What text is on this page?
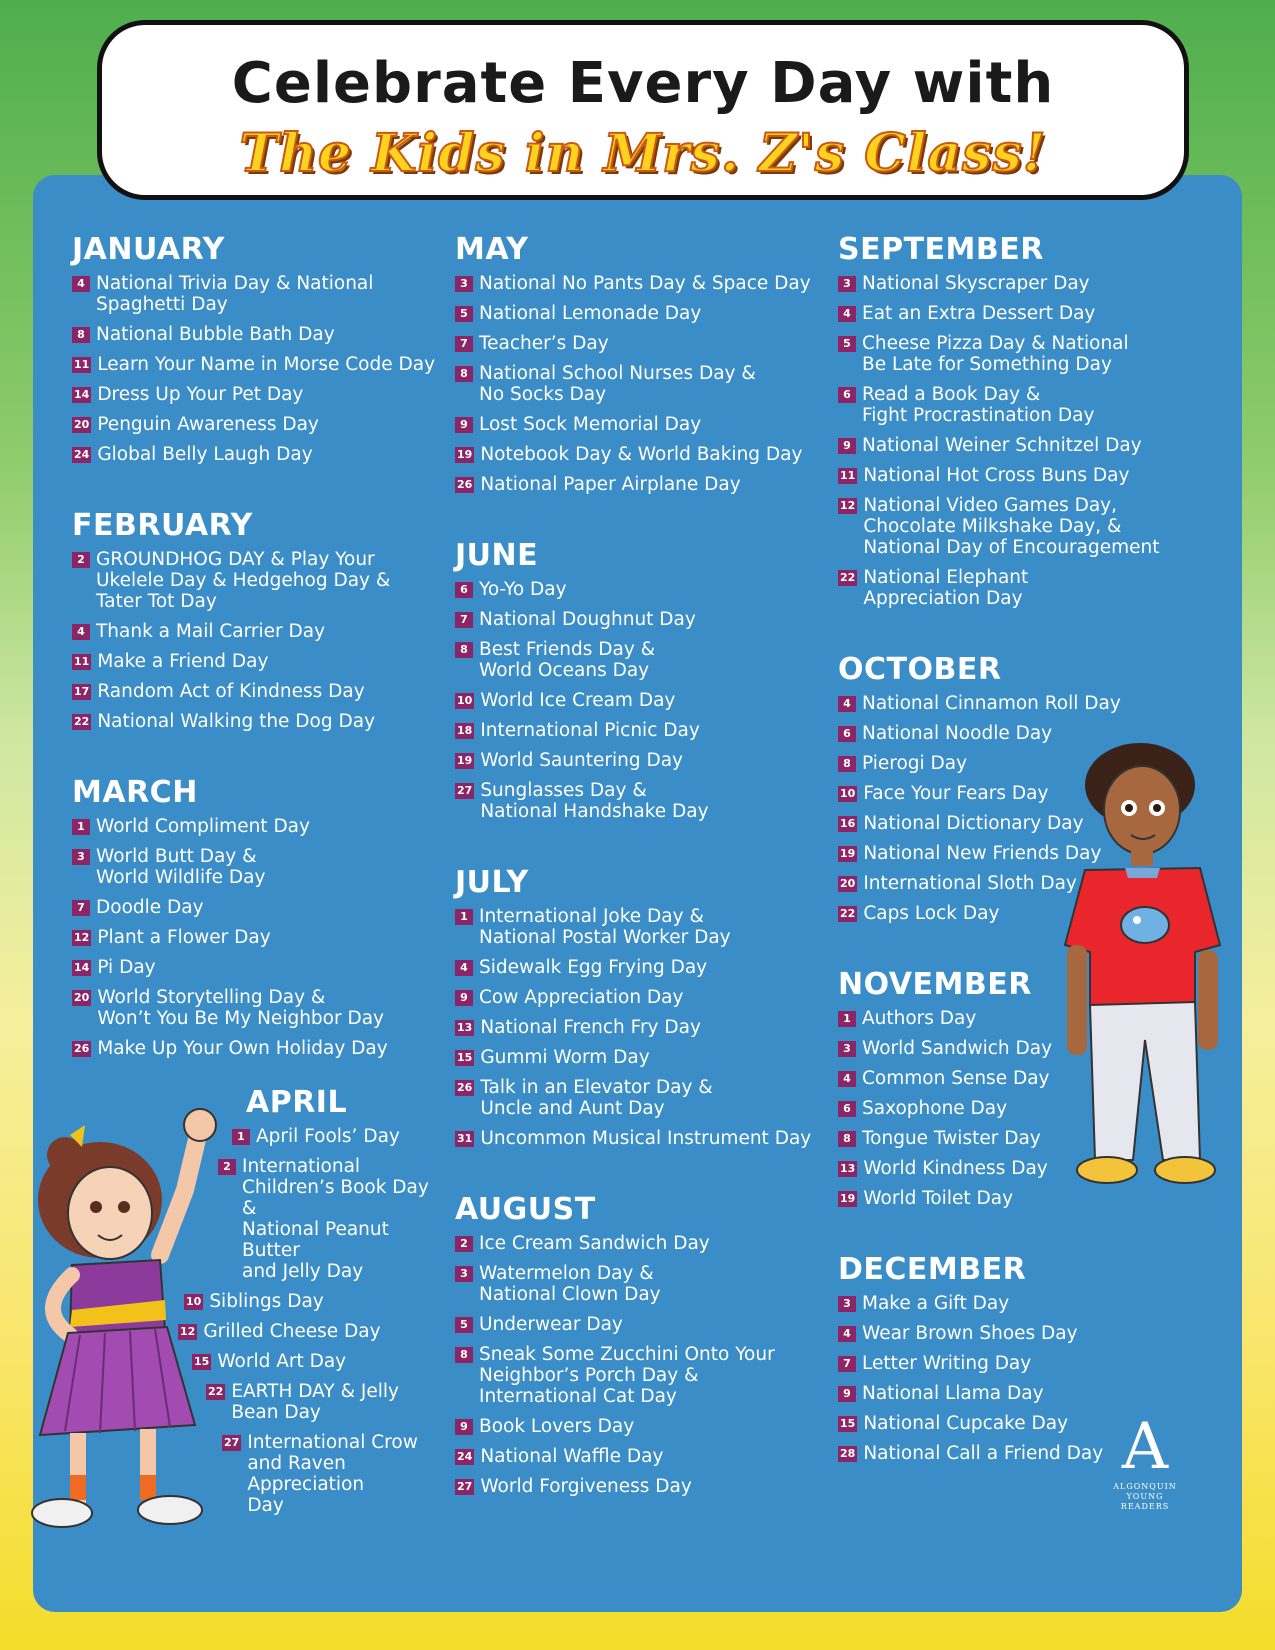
Celebrate Every Day with
The Kids in Mrs. Z's Class!
JANUARY
4 National Trivia Day & National
Spaghetti Day
8 National Bubble Bath Day
11 Learn Your Name in Morse Code Day
14 Dress Up Your Pet Day
20 Penguin Awareness Day
24 Global Belly Laugh Day
FEBRUARY
2 GROUNDHOG DAY & Play Your
Ukelele Day & Hedgehog Day &
Tater Tot Day
4 Thank a Mail Carrier Day
11 Make a Friend Day
17 Random Act of Kindness Day
22 National Walking the Dog Day
MARCH
1 World Compliment Day
3 World Butt Day &
World Wildlife Day
7 Doodle Day
12 Plant a Flower Day
14 Pi Day
20 World Storytelling Day &
Won’t You Be My Neighbor Day
26 Make Up Your Own Holiday Day
MAY
3 National No Pants Day & Space Day
5 National Lemonade Day
7 Teacher’s Day
8 National School Nurses Day &
No Socks Day
9 Lost Sock Memorial Day
19 Notebook Day & World Baking Day
26 National Paper Airplane Day
JUNE
6 Yo-Yo Day
7 National Doughnut Day
8 Best Friends Day &
World Oceans Day
10 World Ice Cream Day
18 International Picnic Day
19 World Sauntering Day
27 Sunglasses Day &
National Handshake Day
JULY
1 International Joke Day &
National Postal Worker Day
4 Sidewalk Egg Frying Day
9 Cow Appreciation Day
13 National French Fry Day
15 Gummi Worm Day
26 Talk in an Elevator Day &
Uncle and Aunt Day
31 Uncommon Musical Instrument Day
AUGUST
2 Ice Cream Sandwich Day
3 Watermelon Day &
National Clown Day
5 Underwear Day
8 Sneak Some Zucchini Onto Your
Neighbor’s Porch Day &
International Cat Day
9 Book Lovers Day
24 National Waffle Day
27 World Forgiveness Day
SEPTEMBER
3 National Skyscraper Day
4 Eat an Extra Dessert Day
5 Cheese Pizza Day & National
Be Late for Something Day
6 Read a Book Day &
Fight Procrastination Day
9 National Weiner Schnitzel Day
11 National Hot Cross Buns Day
12 National Video Games Day,
Chocolate Milkshake Day, &
National Day of Encouragement
22 National Elephant
Appreciation Day
OCTOBER
4 National Cinnamon Roll Day
6 National Noodle Day
8 Pierogi Day
10 Face Your Fears Day
16 National Dictionary Day
19 National New Friends Day
20 International Sloth Day
22 Caps Lock Day
NOVEMBER
1 Authors Day
3 World Sandwich Day
4 Common Sense Day
6 Saxophone Day
8 Tongue Twister Day
13 World Kindness Day
19 World Toilet Day
DECEMBER
3 Make a Gift Day
4 Wear Brown Shoes Day
7 Letter Writing Day
9 National Llama Day
15 National Cupcake Day
28 National Call a Friend Day
APRIL
1 April Fools’ Day
2 International
Children’s Book Day &
National Peanut Butter
and Jelly Day
10 Siblings Day
12 Grilled Cheese Day
15 World Art Day
22 EARTH DAY & Jelly
Bean Day
27 International Crow
and Raven Appreciation
Day
A
ALGONQUIN
YOUNG READERS
